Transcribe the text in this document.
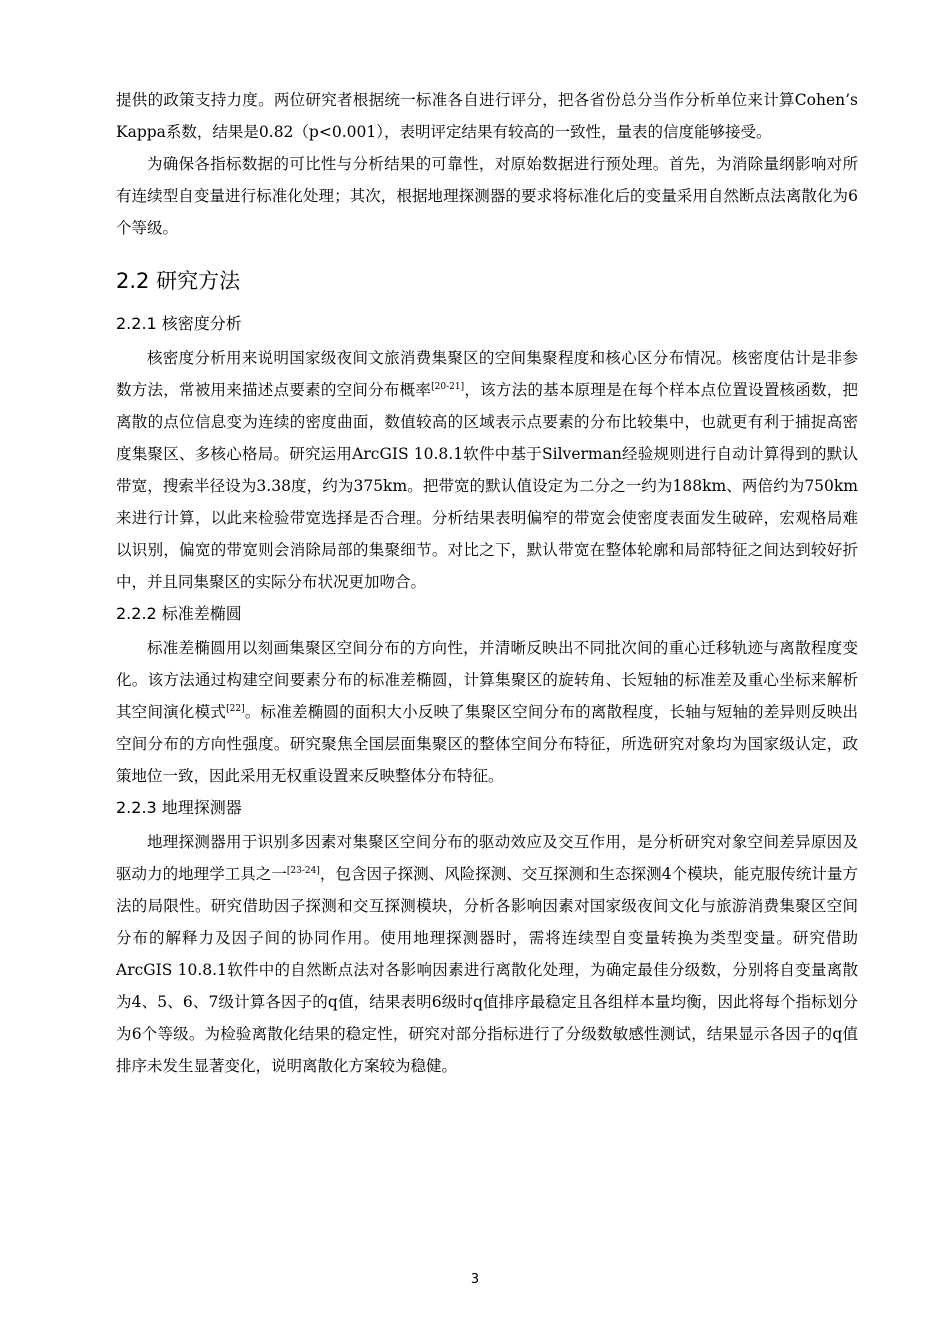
提供的政策支持力度。两位研究者根据统一标准各自进行评分，把各省份总分当作分析单位来计算Cohen’s Kappa系数，结果是0.82（p<0.001），表明评定结果有较高的一致性，量表的信度能够接受。

为确保各指标数据的可比性与分析结果的可靠性，对原始数据进行预处理。首先，为消除量纲影响对所有连续型自变量进行标准化处理；其次，根据地理探测器的要求将标准化后的变量采用自然断点法离散化为6个等级。

2.2 研究方法
2.2.1 核密度分析

核密度分析用来说明国家级夜间文旅消费集聚区的空间集聚程度和核心区分布情况。核密度估计是非参数方法，常被用来描述点要素的空间分布概率[20-21]，该方法的基本原理是在每个样本点位置设置核函数，把离散的点位信息变为连续的密度曲面，数值较高的区域表示点要素的分布比较集中，也就更有利于捕捉高密度集聚区、多核心格局。研究运用ArcGIS 10.8.1软件中基于Silverman经验规则进行自动计算得到的默认带宽，搜索半径设为3.38度，约为375km。把带宽的默认值设定为二分之一约为188km、两倍约为750km来进行计算，以此来检验带宽选择是否合理。分析结果表明偏窄的带宽会使密度表面发生破碎，宏观格局难以识别，偏宽的带宽则会消除局部的集聚细节。对比之下，默认带宽在整体轮廓和局部特征之间达到较好折中，并且同集聚区的实际分布状况更加吻合。

2.2.2 标准差椭圆

标准差椭圆用以刻画集聚区空间分布的方向性，并清晰反映出不同批次间的重心迁移轨迹与离散程度变化。该方法通过构建空间要素分布的标准差椭圆，计算集聚区的旋转角、长短轴的标准差及重心坐标来解析其空间演化模式[22]。标准差椭圆的面积大小反映了集聚区空间分布的离散程度，长轴与短轴的差异则反映出空间分布的方向性强度。研究聚焦全国层面集聚区的整体空间分布特征，所选研究对象均为国家级认定，政策地位一致，因此采用无权重设置来反映整体分布特征。

2.2.3 地理探测器

地理探测器用于识别多因素对集聚区空间分布的驱动效应及交互作用，是分析研究对象空间差异原因及驱动力的地理学工具之一[23-24]，包含因子探测、风险探测、交互探测和生态探测4个模块，能克服传统计量方法的局限性。研究借助因子探测和交互探测模块，分析各影响因素对国家级夜间文化与旅游消费集聚区空间分布的解释力及因子间的协同作用。使用地理探测器时，需将连续型自变量转换为类型变量。研究借助ArcGIS 10.8.1软件中的自然断点法对各影响因素进行离散化处理，为确定最佳分级数，分别将自变量离散为4、5、6、7级计算各因子的q值，结果表明6级时q值排序最稳定且各组样本量均衡，因此将每个指标划分为6个等级。为检验离散化结果的稳定性，研究对部分指标进行了分级数敏感性测试，结果显示各因子的q值排序未发生显著变化，说明离散化方案较为稳健。

3
